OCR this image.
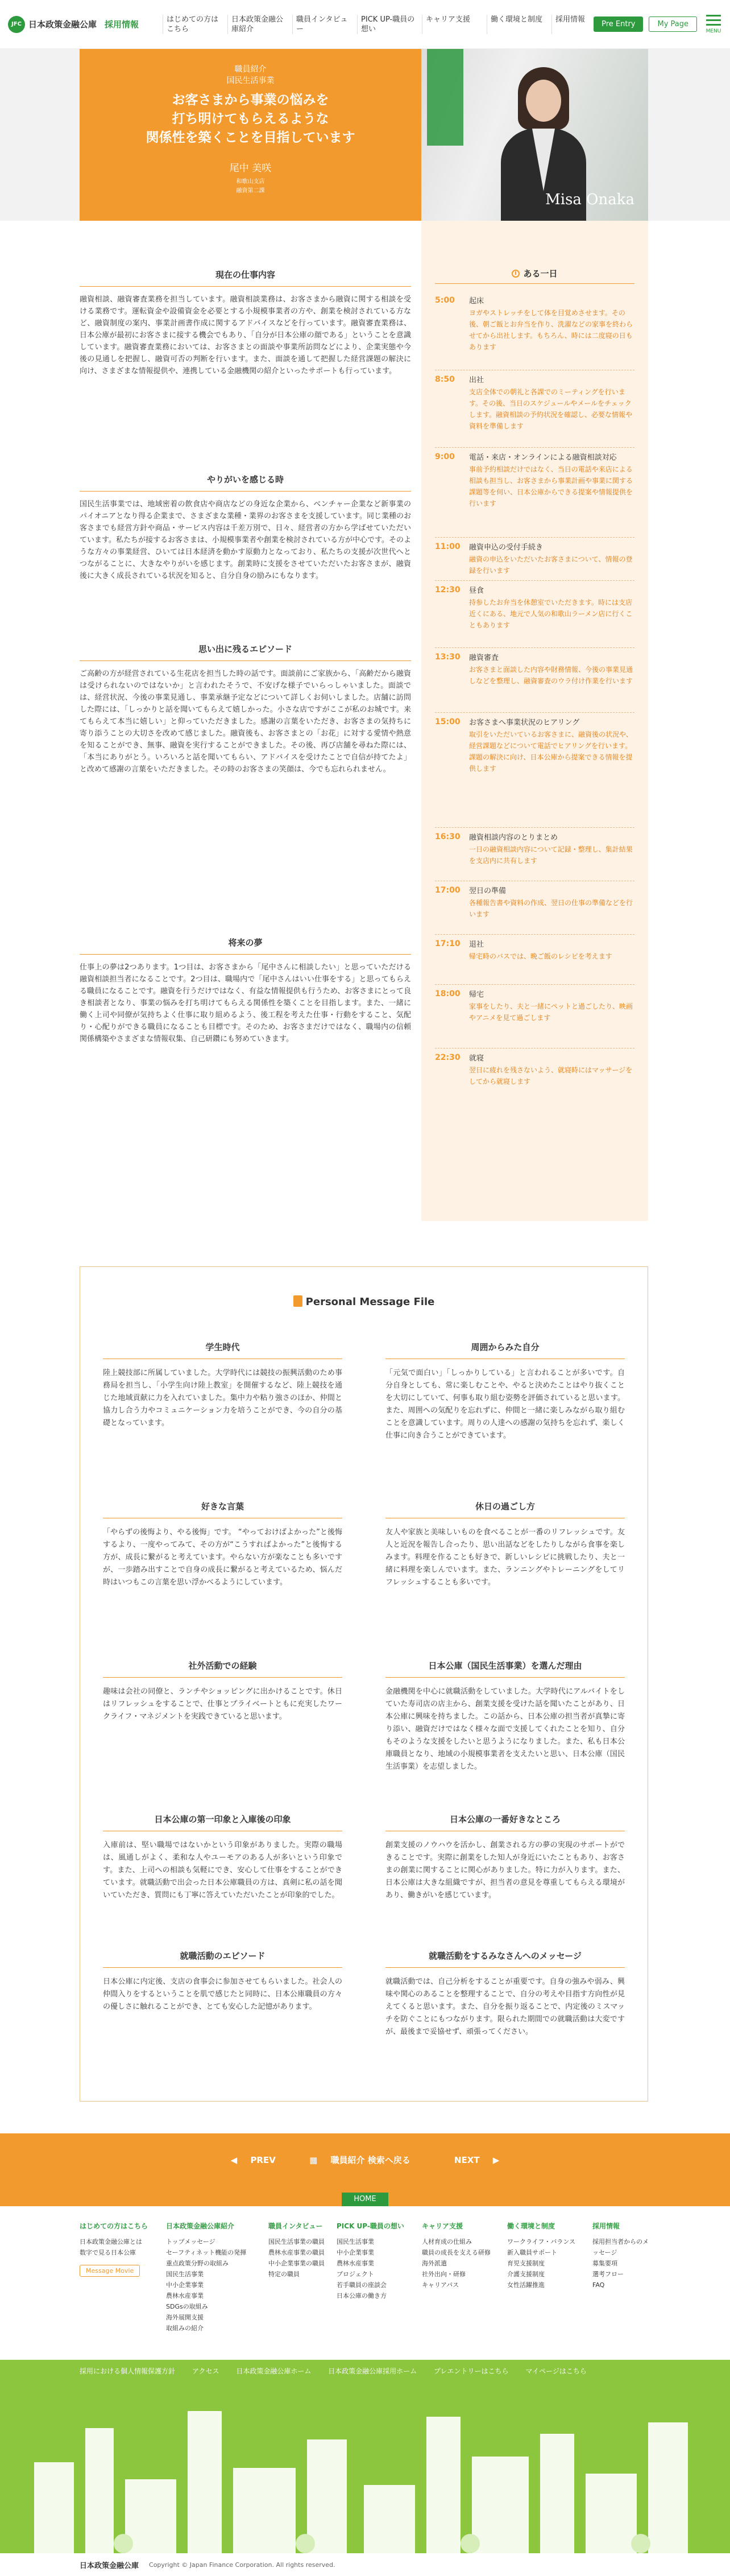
JFC 日本政策金融公庫 採用情報	はじめての方はこちら
日本政策金融公庫紹介
職員インタビュー
PICK UP-職員の想い
キャリア支援	働く環境と制度	採用情報
Pre Entry	My Page
MENU
職員紹介
国民生活事業
お客さまから事業の悩みを
打ち明けてもらえるような
関係性を築くことを目指しています
尾中 美咲
和歌山支店
融資第二課
Misa Onaka
現在の仕事内容

融資相談、融資審査業務を担当しています。融資相談業務は、お客さまから融資に関する相談を受ける業務です。運転資金や設備資金を必要とする小規模事業者の方や、創業を検討されている方など、融資制度の案内、事業計画書作成に関するアドバイスなどを行っています。融資審査業務は、日本公庫が最初にお客さまに接する機会でもあり、「自分が日本公庫の顔である」ということを意識しています。融資審査業務においては、お客さまとの面談や事業所訪問などにより、企業実態や今後の見通しを把握し、融資可否の判断を行います。また、面談を通して把握した経営課題の解決に向け、さまざまな情報提供や、連携している金融機関の紹介といったサポートも行っています。

やりがいを感じる時

国民生活事業では、地域密着の飲食店や商店などの身近な企業から、ベンチャー企業など新事業のパイオニアとなり得る企業まで、さまざまな業種・業界のお客さまを支援しています。同じ業種のお客さまでも経営方針や商品・サービス内容は千差万別で、日々、経営者の方から学ばせていただいています。私たちが接するお客さまは、小規模事業者や創業を検討されている方が中心です。そのような方々の事業経営、ひいては日本経済を動かす原動力となっており、私たちの支援が次世代へとつながることに、大きなやりがいを感じます。創業時に支援をさせていただいたお客さまが、融資後に大きく成長されている状況を知ると、自分自身の励みにもなります。

思い出に残るエピソード

ご高齢の方が経営されている生花店を担当した時の話です。面談前にご家族から、「高齢だから融資は受けられないのではないか」と言われたそうで、不安げな様子でいらっしゃいました。面談では、経営状況、今後の事業見通し、事業承継予定などについて詳しくお伺いしました。店舗に訪問した際には、「しっかりと話を聞いてもらえて嬉しかった。小さな店ですがここが私のお城です。来てもらえて本当に嬉しい」と仰っていただきました。感謝の言葉をいただき、お客さまの気持ちに寄り添うことの大切さを改めて感じました。融資後も、お客さまとの「お花」に対する愛情や熱意を知ることができ、無事、融資を実行することができました。その後、再び店舗を尋ねた際には、「本当にありがとう。いろいろと話を聞いてもらい、アドバイスを受けたことで自信が持てたよ」と改めて感謝の言葉をいただきました。その時のお客さまの笑顔は、今でも忘れられません。

将来の夢

仕事上の夢は2つあります。1つ目は、お客さまから「尾中さんに相談したい」と思っていただける融資相談担当者になることです。2つ目は、職場内で「尾中さんはいい仕事をする」と思ってもらえる職員になることです。融資を行うだけではなく、有益な情報提供も行うため、お客さまにとって良き相談者となり、事業の悩みを打ち明けてもらえる関係性を築くことを目指します。また、一緒に働く上司や同僚が気持ちよく仕事に取り組めるよう、後工程を考えた仕事・行動をすること、気配り・心配りができる職員になることも目標です。そのため、お客さまだけではなく、職場内の信頼関係構築やさまざまな情報収集、自己研鑽にも努めていきます。

ある一日
5:00	起床
ヨガやストレッチをして体を目覚めさせます。その後、朝ご飯とお弁当を作り、洗濯などの家事を終わらせてから出社します。もちろん、時には二度寝の日もあります
8:50	出社
支店全体での朝礼と各課でのミーティングを行います。その後、当日のスケジュールやメールをチェックします。融資相談の予約状況を確認し、必要な情報や資料を準備します
9:00	電話・来店・オンラインによる融資相談対応
事前予約相談だけではなく、当日の電話や来店による相談も担当し、お客さまから事業計画や事業に関する課題等を伺い、日本公庫からできる提案や情報提供を行います
11:00	融資申込の受付手続き
融資の申込をいただいたお客さまについて、情報の登録を行います
12:30	昼食
持参したお弁当を休憩室でいただきます。時には支店近くにある、地元で人気の和歌山ラーメン店に行くこともあります
13:30	融資審査
お客さまと面談した内容や財務情報、今後の事業見通しなどを整理し、融資審査のウラ付け作業を行います
15:00	お客さまへ事業状況のヒアリング
取引をいただいているお客さまに、融資後の状況や、経営課題などについて電話でヒアリングを行います。課題の解決に向け、日本公庫から提案できる情報を提供します
16:30	融資相談内容のとりまとめ
一日の融資相談内容について記録・整理し、集計結果を支店内に共有します
17:00	翌日の準備
各種報告書や資料の作成、翌日の仕事の準備などを行います
17:10	退社
帰宅時のバスでは、晩ご飯のレシピを考えます
18:00	帰宅
家事をしたり、夫と一緒にペットと過ごしたり、映画やアニメを見て過ごします
22:30	就寝
翌日に疲れを残さないよう、就寝時にはマッサージをしてから就寝します
Personal Message File
学生時代

陸上競技部に所属していました。大学時代には競技の振興活動のため事務局を担当し、「小学生向け陸上教室」を開催するなど、陸上競技を通じた地域貢献に力を入れていました。集中力や粘り強さのほか、仲間と協力し合う力やコミュニケーション力を培うことができ、今の自分の基礎となっています。

周囲からみた自分

「元気で面白い」「しっかりしている」と言われることが多いです。自分自身としても、常に楽しむことや、やると決めたことはやり抜くことを大切にしていて、何事も取り組む姿勢を評価されていると思います。また、周囲への気配りを忘れずに、仲間と一緒に楽しみながら取り組むことを意識しています。周りの人達への感謝の気持ちを忘れず、楽しく仕事に向き合うことができています。

好きな言葉

「やらずの後悔より、やる後悔」です。 “やっておけばよかった”と後悔するより、一度やってみて、その方が“こうすればよかった”と後悔する方が、成長に繋がると考えています。やらない方が楽なことも多いですが、一歩踏み出すことで自身の成長に繋がると考えているため、悩んだ時はいつもこの言葉を思い浮かべるようにしています。

休日の過ごし方

友人や家族と美味しいものを食べることが一番のリフレッシュです。友人と近況を報告し合ったり、思い出話などをしたりしながら食事を楽しみます。料理を作ることも好きで、新しいレシピに挑戦したり、夫と一緒に料理を楽しんでいます。また、ランニングやトレーニングをしてリフレッシュすることも多いです。

社外活動での経験

趣味は会社の同僚と、ランチやショッピングに出かけることです。休日はリフレッシュをすることで、仕事とプライベートともに充実したワークライフ・マネジメントを実践できていると思います。

日本公庫（国民生活事業）を選んだ理由

金融機関を中心に就職活動をしていました。大学時代にアルバイトをしていた寿司店の店主から、創業支援を受けた話を聞いたことがあり、日本公庫に興味を持ちました。この話から、日本公庫の担当者が真摯に寄り添い、融資だけではなく様々な面で支援してくれたことを知り、自分もそのような支援をしたいと思うようになりました。また、私も日本公庫職員となり、地域の小規模事業者を支えたいと思い、日本公庫（国民生活事業）を志望しました。

日本公庫の第一印象と入庫後の印象

入庫前は、堅い職場ではないかという印象がありました。実際の職場は、風通しがよく、柔和な人やユーモアのある人が多いという印象です。また、上司への相談も気軽にでき、安心して仕事をすることができています。就職活動で出会った日本公庫職員の方は、真剣に私の話を聞いていただき、質問にも丁寧に答えていただいたことが印象的でした。

日本公庫の一番好きなところ

創業支援のノウハウを活かし、創業される方の夢の実現のサポートができることです。実際に創業をした知人が身近にいたこともあり、お客さまの創業に関することに関心がありました。特に力が入ります。また、日本公庫は大きな組織ですが、担当者の意見を尊重してもらえる環境があり、働きがいを感じています。

就職活動のエピソード

日本公庫に内定後、支店の食事会に参加させてもらいました。社会人の仲間入りをするということを肌で感じたと同時に、日本公庫職員の方々の優しさに触れることができ、とても安心した記憶があります。

就職活動をするみなさんへのメッセージ

就職活動では、自己分析をすることが重要です。自身の強みや弱み、興味や関心のあることを整理することで、自分の考えや目指す方向性が見えてくると思います。また、自分を振り返ることで、内定後のミスマッチを防ぐことにもつながります。限られた期間での就職活動は大変ですが、最後まで妥協せず、頑張ってください。

◀ PREV	▦ 職員紹介 検索へ戻る	NEXT ▶
HOME
はじめての方はこちら
日本政策金融公庫とは
数字で見る日本公庫
Message Movie
日本政策金融公庫紹介
トップメッセージ
セーフティネット機能の発揮
重点政策分野の取組み
国民生活事業
中小企業事業
農林水産事業
SDGsの取組み
海外展開支援
取組みの紹介
職員インタビュー
国民生活事業の職員
農林水産事業の職員
中小企業事業の職員
特定の職員
PICK UP-職員の想い
国民生活事業
中小企業事業
農林水産事業
プロジェクト
若手職員の座談会
日本公庫の働き方
キャリア支援
人材育成の仕組み
職員の成長を支える研修
海外派遣
社外出向・研修
キャリアパス
働く環境と制度
ワークライフ・バランス
新入職員サポート
育児支援制度
介護支援制度
女性活躍推進
採用情報
採用担当者からのメッセージ
募集要項
選考フロー
FAQ
採用における個人情報保護方針 アクセス 日本政策金融公庫ホーム 日本政策金融公庫採用ホーム プレエントリーはこちら マイページはこちら
日本政策金融公庫 Copyright © Japan Finance Corporation. All rights reserved.
